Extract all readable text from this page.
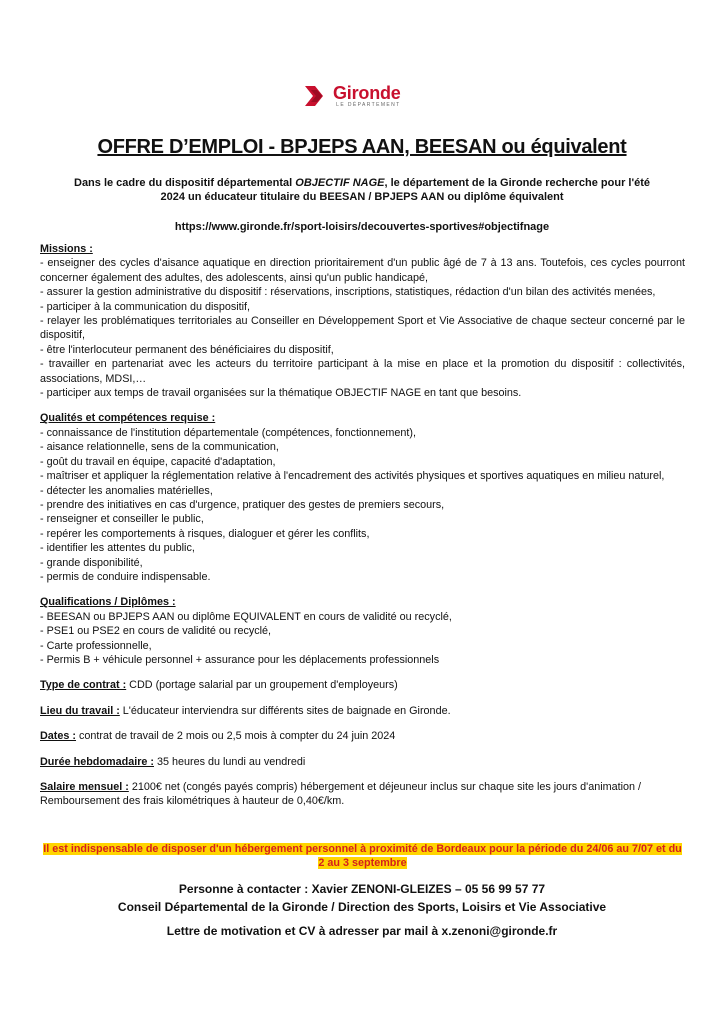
Gironde
LE DÉPARTEMENT
OFFRE D’EMPLOI - BPJEPS AAN, BEESAN ou équivalent
Dans le cadre du dispositif départemental OBJECTIF NAGE, le département de la Gironde recherche pour l'été 2024 un éducateur titulaire du BEESAN / BPJEPS AAN ou diplôme équivalent
https://www.gironde.fr/sport-loisirs/decouvertes-sportives#objectifnage
Missions :
- enseigner des cycles d'aisance aquatique en direction prioritairement d'un public âgé de 7 à 13 ans. Toutefois, ces cycles pourront concerner également des adultes, des adolescents, ainsi qu'un public handicapé,
- assurer la gestion administrative du dispositif : réservations, inscriptions, statistiques, rédaction d'un bilan des activités menées,
- participer à la communication du dispositif,
- relayer les problématiques territoriales au Conseiller en Développement Sport et Vie Associative de chaque secteur concerné par le dispositif,
- être l'interlocuteur permanent des bénéficiaires du dispositif,
- travailler en partenariat avec les acteurs du territoire participant à la mise en place et la promotion du dispositif : collectivités, associations, MDSI,…
- participer aux temps de travail organisées sur la thématique OBJECTIF NAGE en tant que besoins.
Qualités et compétences requise :
- connaissance de l'institution départementale (compétences, fonctionnement),
- aisance relationnelle, sens de la communication,
- goût du travail en équipe, capacité d'adaptation,
- maîtriser et appliquer la réglementation relative à l'encadrement des activités physiques et sportives aquatiques en milieu naturel,
- détecter les anomalies matérielles,
- prendre des initiatives en cas d'urgence, pratiquer des gestes de premiers secours,
- renseigner et conseiller le public,
- repérer les comportements à risques, dialoguer et gérer les conflits,
- identifier les attentes du public,
- grande disponibilité,
- permis de conduire indispensable.
Qualifications / Diplômes :
- BEESAN ou BPJEPS AAN ou diplôme EQUIVALENT en cours de validité ou recyclé,
- PSE1 ou PSE2 en cours de validité ou recyclé,
- Carte professionnelle,
- Permis B + véhicule personnel + assurance pour les déplacements professionnels
Type de contrat : CDD (portage salarial par un groupement d'employeurs)
Lieu du travail : L'éducateur interviendra sur différents sites de baignade en Gironde.
Dates : contrat de travail de 2 mois ou 2,5 mois à compter du 24 juin 2024
Durée hebdomadaire : 35 heures du lundi au vendredi
Salaire mensuel : 2100€ net (congés payés compris) hébergement et déjeuneur inclus sur chaque site les jours d'animation / Remboursement des frais kilométriques à hauteur de 0,40€/km.
Il est indispensable de disposer d'un hébergement personnel à proximité de Bordeaux pour la période du 24/06 au 7/07 et du 2 au 3 septembre
Personne à contacter : Xavier ZENONI-GLEIZES – 05 56 99 57 77
Conseil Départemental de la Gironde / Direction des Sports, Loisirs et Vie Associative
Lettre de motivation et CV à adresser par mail à x.zenoni@gironde.fr
